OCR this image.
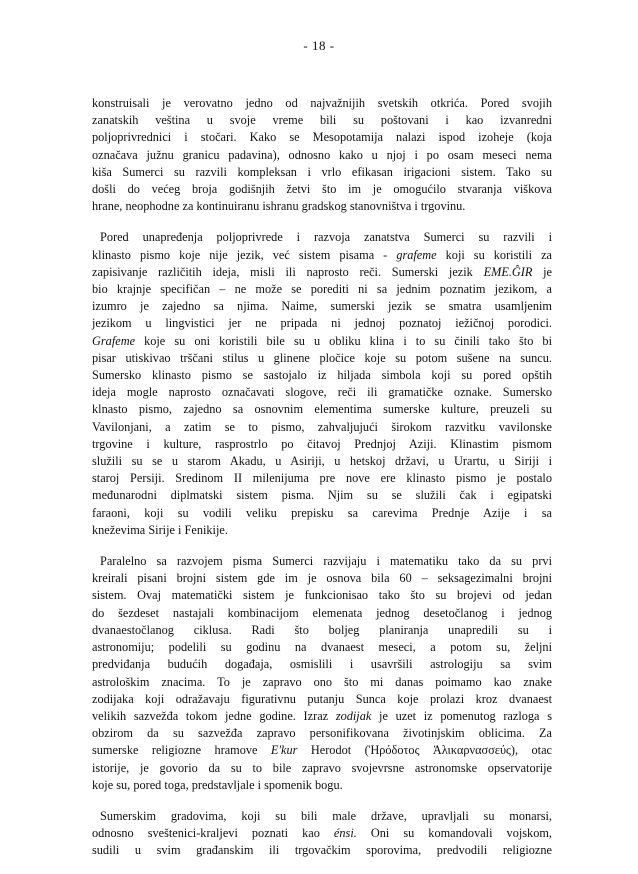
- 18 -
konstruisali je verovatno jedno od najvažnijih svetskih otkrića. Pored svojih
zanatskih veština u svoje vreme bili su poštovani i kao izvanredni
poljoprivrednici i stočari. Kako se Mesopotamija nalazi ispod izoheje (koja
označava južnu granicu padavina), odnosno kako u njoj i po osam meseci nema
kiša Sumerci su razvili kompleksan i vrlo efikasan irigacioni sistem. Tako su
došli do većeg broja godišnjih žetvi što im je omogućilo stvaranja viškova
hrane, neophodne za kontinuiranu ishranu gradskog stanovništva i trgovinu.
Pored unapređenja poljoprivrede i razvoja zanatstva Sumerci su razvili i
klinasto pismo koje nije jezik, već sistem pisama - grafeme koji su koristili za
zapisivanje različitih ideja, misli ili naprosto reči. Sumerski jezik EME.ĜIR je
bio krajnje specifičan – ne može se porediti ni sa jednim poznatim jezikom, a
izumro je zajedno sa njima. Naime, sumerski jezik se smatra usamljenim
jezikom u lingvistici jer ne pripada ni jednoj poznatoj iežičnoj porodici.
Grafeme koje su oni koristili bile su u obliku klina i to su činili tako što bi
pisar utiskivao trščani stilus u glinene pločice koje su potom sušene na suncu.
Sumersko klinasto pismo se sastojalo iz hiljada simbola koji su pored opštih
ideja mogle naprosto označavati slogove, reči ili gramatičke oznake. Sumersko
klnasto pismo, zajedno sa osnovnim elementima sumerske kulture, preuzeli su
Vavilonjani, a zatim se to pismo, zahvaljujući širokom razvitku vavilonske
trgovine i kulture, rasprostrlo po čitavoj Prednjoj Aziji. Klinastim pismom
služili su se u starom Akadu, u Asiriji, u hetskoj državi, u Urartu, u Siriji i
staroj Persiji. Sredinom II milenijuma pre nove ere klinasto pismo je postalo
međunarodni diplmatski sistem pisma. Njim su se služili čak i egipatski
faraoni, koji su vodili veliku prepisku sa carevima Prednje Azije i sa
kneževima Sirije i Fenikije.
Paralelno sa razvojem pisma Sumerci razvijaju i matematiku tako da su prvi
kreirali pisani brojni sistem gde im je osnova bila 60 – seksagezimalni brojni
sistem. Ovaj matematički sistem je funkcionisao tako što su brojevi od jedan
do šezdeset nastajali kombinacijom elemenata jednog desetočlanog i jednog
dvanaestočlanog ciklusa. Radi što boljeg planiranja unapredili su i
astronomiju; podelili su godinu na dvanaest meseci, a potom su, željni
predviđanja budućih događaja, osmislili i usavršili astrologiju sa svim
astrološkim znacima. To je zapravo ono što mi danas poimamo kao znake
zodijaka koji odražavaju figurativnu putanju Sunca koje prolazi kroz dvanaest
velikih sazvežđa tokom jedne godine. Izraz zodijak je uzet iz pomenutog razloga s
obzirom da su sazvežđa zapravo personifikovana životinjskim oblicima. Za
sumerske religiozne hramove E'kur Herodot (Ἡρόδοτος Ἁλικαρνασσεύς), otac
istorije, je govorio da su to bile zapravo svojevrsne astronomske opservatorije
koje su, pored toga, predstavljale i spomenik bogu.
Sumerskim gradovima, koji su bili male države, upravljali su monarsi,
odnosno sveštenici-kraljevi poznati kao énsi. Oni su komandovali vojskom,
sudili u svim građanskim ili trgovačkim sporovima, predvodili religiozne
